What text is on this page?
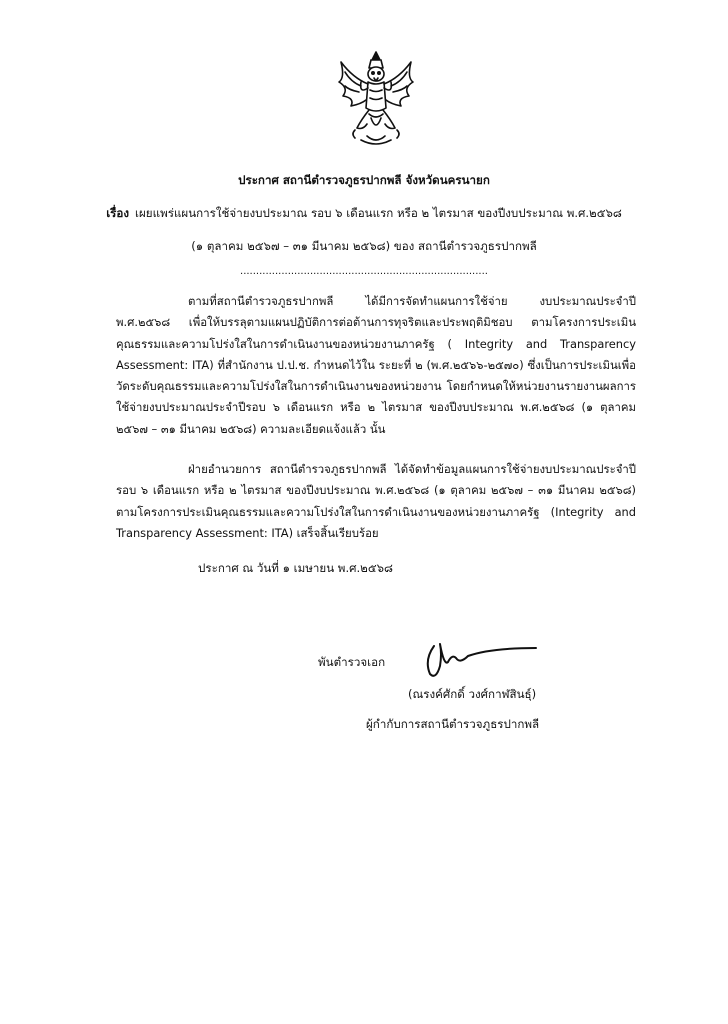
ประกาศ สถานีตำรวจภูธรปากพลี จังหวัดนครนายก
เรื่อง เผยแพร่แผนการใช้จ่ายงบประมาณ รอบ ๖ เดือนแรก หรือ ๒ ไตรมาส ของปีงบประมาณ พ.ศ.๒๕๖๘
(๑ ตุลาคม ๒๕๖๗ – ๓๑ มีนาคม ๒๕๖๘) ของ สถานีตำรวจภูธรปากพลี
..............................................................................
ตามที่สถานีตำรวจภูธรปากพลี ได้มีการจัดทำแผนการใช้จ่าย งบประมาณประจำปี พ.ศ.๒๕๖๘ เพื่อให้บรรลุตามแผนปฏิบัติการต่อต้านการทุจริตและประพฤติมิชอบ ตามโครงการประเมินคุณธรรมและความโปร่งใสในการดำเนินงานของหน่วยงานภาครัฐ ( Integrity and Transparency Assessment: ITA) ที่สำนักงาน ป.ป.ช. กำหนดไว้ใน ระยะที่ ๒ (พ.ศ.๒๕๖๖-๒๕๗๐) ซึ่งเป็นการประเมินเพื่อวัดระดับคุณธรรมและความโปร่งใสในการดำเนินงานของหน่วยงาน โดยกำหนดให้หน่วยงานรายงานผลการใช้จ่ายงบประมาณประจำปีรอบ ๖ เดือนแรก หรือ ๒ ไตรมาส ของปีงบประมาณ พ.ศ.๒๕๖๘ (๑ ตุลาคม ๒๕๖๗ – ๓๑ มีนาคม ๒๕๖๘) ความละเอียดแจ้งแล้ว นั้น
ฝ่ายอำนวยการ สถานีตำรวจภูธรปากพลี ได้จัดทำข้อมูลแผนการใช้จ่ายงบประมาณประจำปี รอบ ๖ เดือนแรก หรือ ๒ ไตรมาส ของปีงบประมาณ พ.ศ.๒๕๖๘ (๑ ตุลาคม ๒๕๖๗ – ๓๑ มีนาคม ๒๕๖๘) ตามโครงการประเมินคุณธรรมและความโปร่งใสในการดำเนินงานของหน่วยงานภาครัฐ (Integrity and Transparency Assessment: ITA) เสร็จสิ้นเรียบร้อย
ประกาศ ณ วันที่ ๑ เมษายน พ.ศ.๒๕๖๘
พันตำรวจเอก
(ณรงค์ศักดิ์ วงศ์กาฬสินธุ์)
ผู้กำกับการสถานีตำรวจภูธรปากพลี
